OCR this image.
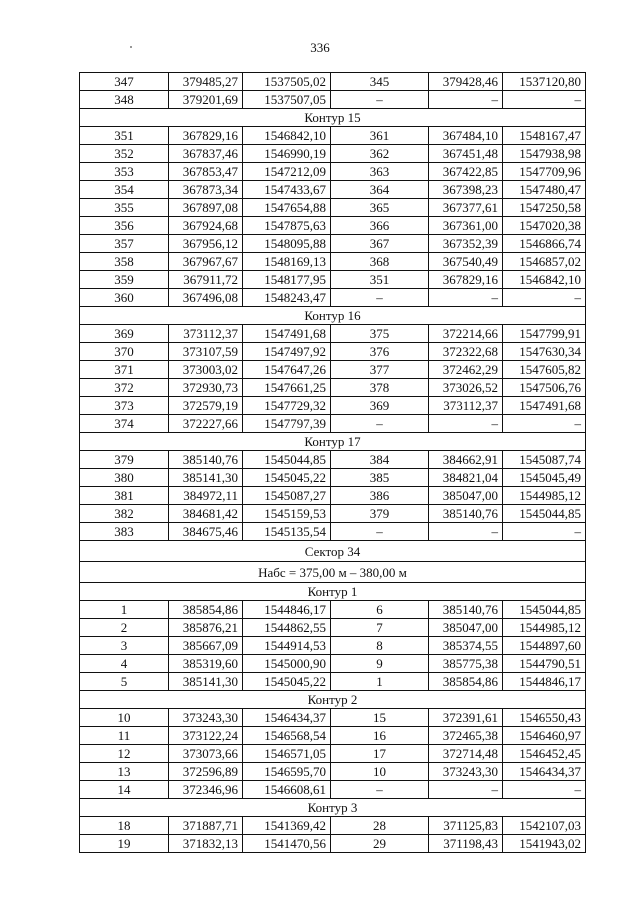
336
347	379485,27	1537505,02	345	379428,46	1537120,80
348	379201,69	1537507,05	–	–	–
Контур 15					
351	367829,16	1546842,10	361	367484,10	1548167,47
352	367837,46	1546990,19	362	367451,48	1547938,98
353	367853,47	1547212,09	363	367422,85	1547709,96
354	367873,34	1547433,67	364	367398,23	1547480,47
355	367897,08	1547654,88	365	367377,61	1547250,58
356	367924,68	1547875,63	366	367361,00	1547020,38
357	367956,12	1548095,88	367	367352,39	1546866,74
358	367967,67	1548169,13	368	367540,49	1546857,02
359	367911,72	1548177,95	351	367829,16	1546842,10
360	367496,08	1548243,47	–	–	–
Контур 16					
369	373112,37	1547491,68	375	372214,66	1547799,91
370	373107,59	1547497,92	376	372322,68	1547630,34
371	373003,02	1547647,26	377	372462,29	1547605,82
372	372930,73	1547661,25	378	373026,52	1547506,76
373	372579,19	1547729,32	369	373112,37	1547491,68
374	372227,66	1547797,39	–	–	–
Контур 17					
379	385140,76	1545044,85	384	384662,91	1545087,74
380	385141,30	1545045,22	385	384821,04	1545045,49
381	384972,11	1545087,27	386	385047,00	1544985,12
382	384681,42	1545159,53	379	385140,76	1545044,85
383	384675,46	1545135,54	–	–	–
Сектор 34					
Набс = 375,00 м – 380,00 м					
Контур 1					
1	385854,86	1544846,17	6	385140,76	1545044,85
2	385876,21	1544862,55	7	385047,00	1544985,12
3	385667,09	1544914,53	8	385374,55	1544897,60
4	385319,60	1545000,90	9	385775,38	1544790,51
5	385141,30	1545045,22	1	385854,86	1544846,17
Контур 2					
10	373243,30	1546434,37	15	372391,61	1546550,43
11	373122,24	1546568,54	16	372465,38	1546460,97
12	373073,66	1546571,05	17	372714,48	1546452,45
13	372596,89	1546595,70	10	373243,30	1546434,37
14	372346,96	1546608,61	–	–	–
Контур 3					
18	371887,71	1541369,42	28	371125,83	1542107,03
19	371832,13	1541470,56	29	371198,43	1541943,02
